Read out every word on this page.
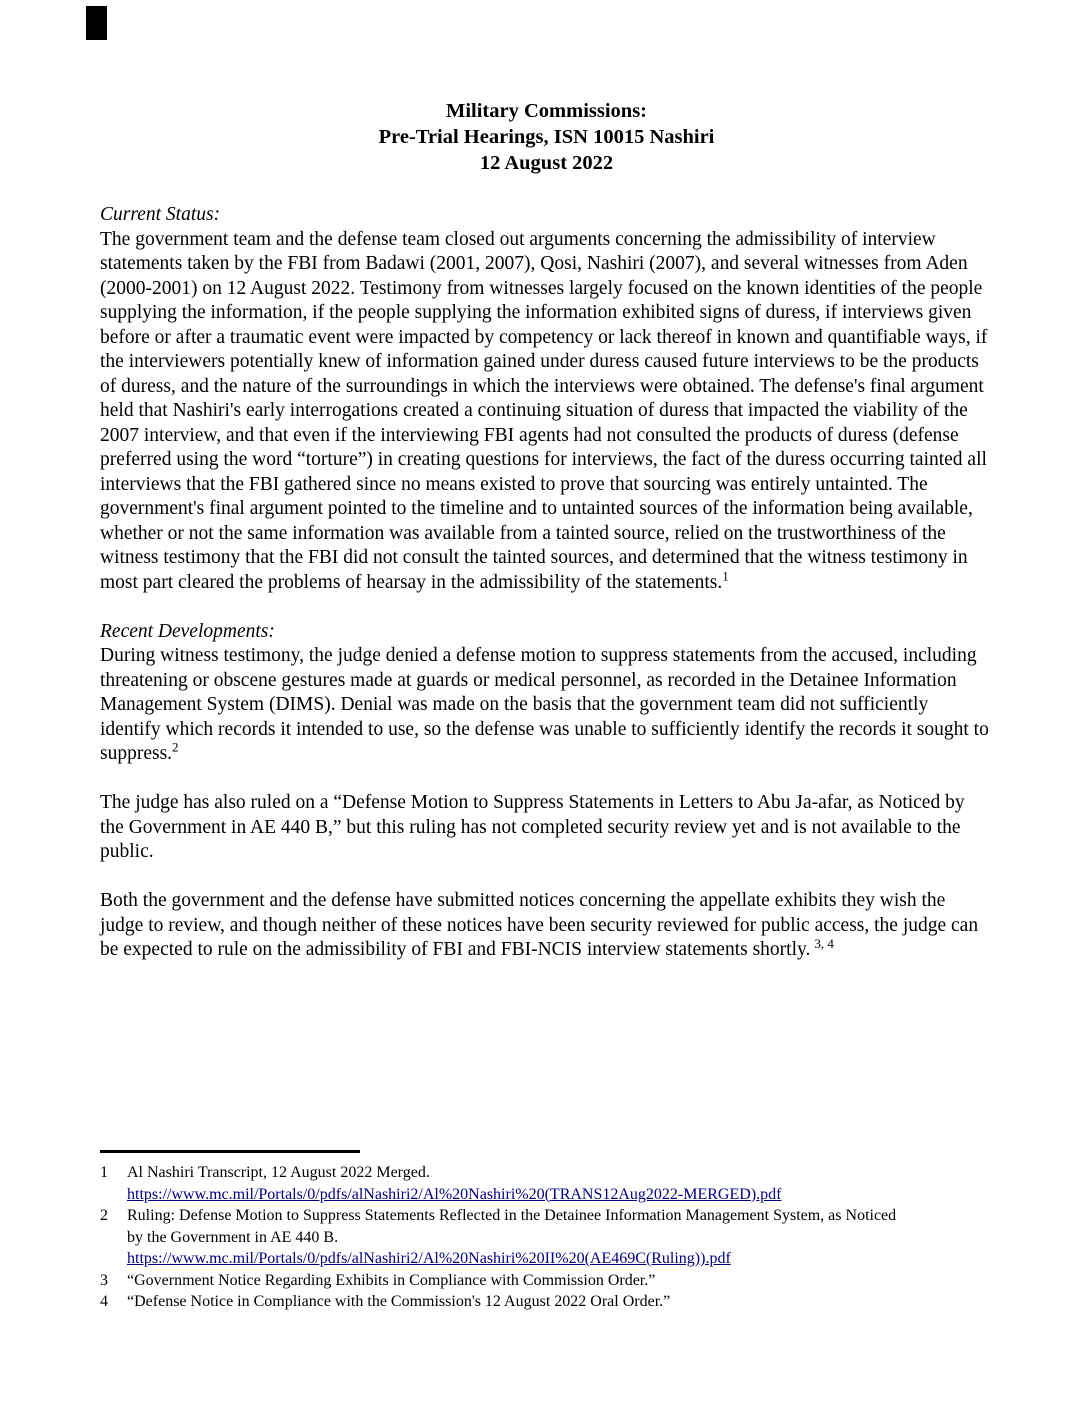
Military Commissions:
Pre-Trial Hearings, ISN 10015 Nashiri
12 August 2022
Current Status:

The government team and the defense team closed out arguments concerning the admissibility of interview statements taken by the FBI from Badawi (2001, 2007), Qosi, Nashiri (2007), and several witnesses from Aden (2000-2001) on 12 August 2022. Testimony from witnesses largely focused on the known identities of the people supplying the information, if the people supplying the information exhibited signs of duress, if interviews given before or after a traumatic event were impacted by competency or lack thereof in known and quantifiable ways, if the interviewers potentially knew of information gained under duress caused future interviews to be the products of duress, and the nature of the surroundings in which the interviews were obtained. The defense's final argument held that Nashiri's early interrogations created a continuing situation of duress that impacted the viability of the 2007 interview, and that even if the interviewing FBI agents had not consulted the products of duress (defense preferred using the word “torture”) in creating questions for interviews, the fact of the duress occurring tainted all interviews that the FBI gathered since no means existed to prove that sourcing was entirely untainted. The government's final argument pointed to the timeline and to untainted sources of the information being available, whether or not the same information was available from a tainted source, relied on the trustworthiness of the witness testimony that the FBI did not consult the tainted sources, and determined that the witness testimony in most part cleared the problems of hearsay in the admissibility of the statements.$^1$

Recent Developments:

During witness testimony, the judge denied a defense motion to suppress statements from the accused, including threatening or obscene gestures made at guards or medical personnel, as recorded in the Detainee Information Management System (DIMS). Denial was made on the basis that the government team did not sufficiently identify which records it intended to use, so the defense was unable to sufficiently identify the records it sought to suppress.$^2$

The judge has also ruled on a “Defense Motion to Suppress Statements in Letters to Abu Ja-afar, as Noticed by the Government in AE 440 B,” but this ruling has not completed security review yet and is not available to the public.

Both the government and the defense have submitted notices concerning the appellate exhibits they wish the judge to review, and though neither of these notices have been security reviewed for public access, the judge can be expected to rule on the admissibility of FBI and FBI-NCIS interview statements shortly. $^{3, 4}$

1	Al Nashiri Transcript, 12 August 2022 Merged.
https://www.mc.mil/Portals/0/pdfs/alNashiri2/Al%20Nashiri%20(TRANS12Aug2022-MERGED).pdf
2	Ruling: Defense Motion to Suppress Statements Reflected in the Detainee Information Management System, as Noticed
by the Government in AE 440 B.
https://www.mc.mil/Portals/0/pdfs/alNashiri2/Al%20Nashiri%20II%20(AE469C(Ruling)).pdf
3	“Government Notice Regarding Exhibits in Compliance with Commission Order.”
4	“Defense Notice in Compliance with the Commission's 12 August 2022 Oral Order.”
